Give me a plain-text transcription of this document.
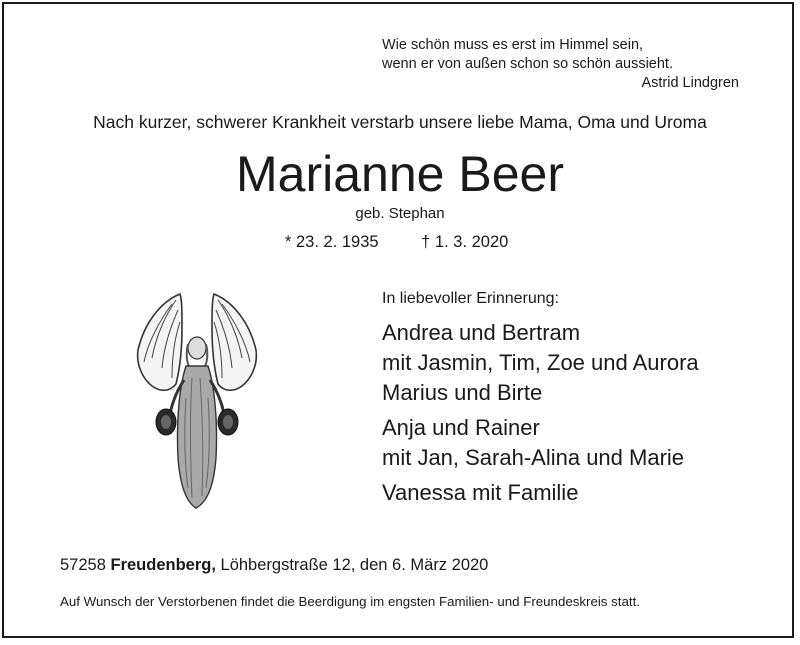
Wie schön muss es erst im Himmel sein,
wenn er von außen schon so schön aussieht.
Astrid Lindgren
Nach kurzer, schwerer Krankheit verstarb unsere liebe Mama, Oma und Uroma
Marianne Beer
geb. Stephan
* 23. 2. 1935	† 1. 3. 2020
In liebevoller Erinnerung:
Andrea und Bertram
mit Jasmin, Tim, Zoe und Aurora
Marius und Birte
Anja und Rainer
mit Jan, Sarah-Alina und Marie
Vanessa mit Familie
57258 Freudenberg, Löhbergstraße 12, den 6. März 2020
Auf Wunsch der Verstorbenen findet die Beerdigung im engsten Familien- und Freundeskreis statt.
